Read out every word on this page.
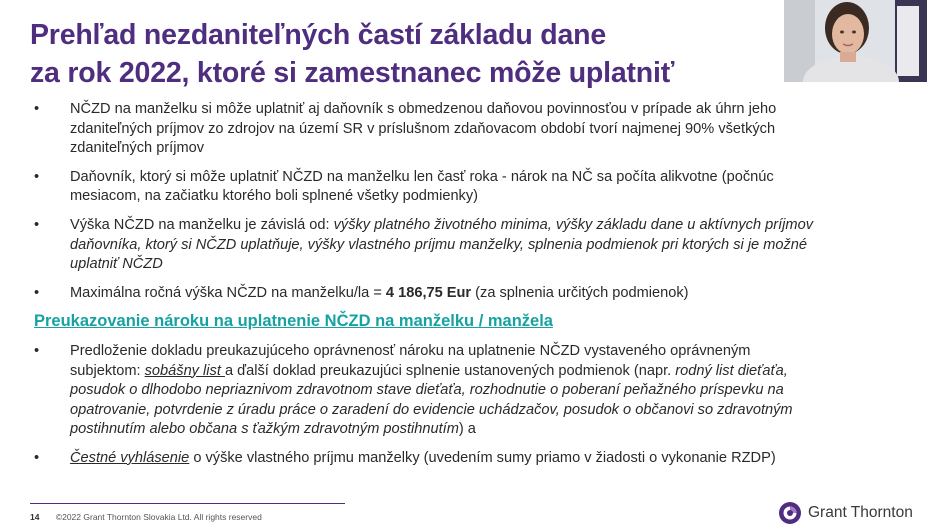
Prehľad nezdaniteľných častí základu dane
za rok 2022, ktoré si zamestnanec môže uplatniť
• NČZD na manželku si môže uplatniť aj daňovník s obmedzenou daňovou povinnosťou v prípade ak úhrn jeho
zdaniteľných príjmov zo zdrojov na území SR v príslušnom zdaňovacom období tvorí najmenej 90% všetkých
zdaniteľných príjmov
• Daňovník, ktorý si môže uplatniť NČZD na manželku len časť roka - nárok na NČ sa počíta alikvotne (počnúc
mesiacom, na začiatku ktorého boli splnené všetky podmienky)
• Výška NČZD na manželku je závislá od: výšky platného životného minima, výšky základu dane u aktívnych príjmov
daňovníka, ktorý si NČZD uplatňuje, výšky vlastného príjmu manželky, splnenia podmienok pri ktorých si je možné
uplatniť NČZD
• Maximálna ročná výška NČZD na manželku/la = 4 186,75 Eur (za splnenia určitých podmienok)
Preukazovanie nároku na uplatnenie NČZD na manželku / manžela
• Predloženie dokladu preukazujúceho oprávnenosť nároku na uplatnenie NČZD vystaveného oprávneným
subjektom: sobášny list a ďalší doklad preukazujúci splnenie ustanovených podmienok (napr. rodný list dieťaťa,
posudok o dlhodobo nepriaznivom zdravotnom stave dieťaťa, rozhodnutie o poberaní peňažného príspevku na
opatrovanie, potvrdenie z úradu práce o zaradení do evidencie uchádzačov, posudok o občanovi so zdravotným
postihnutím alebo občana s ťažkým zdravotným postihnutím) a
• Čestné vyhlásenie o výške vlastného príjmu manželky (uvedením sumy priamo v žiadosti o vykonanie RZDP)
14 ©2022 Grant Thornton Slovakia Ltd. All rights reserved	Grant Thornton
